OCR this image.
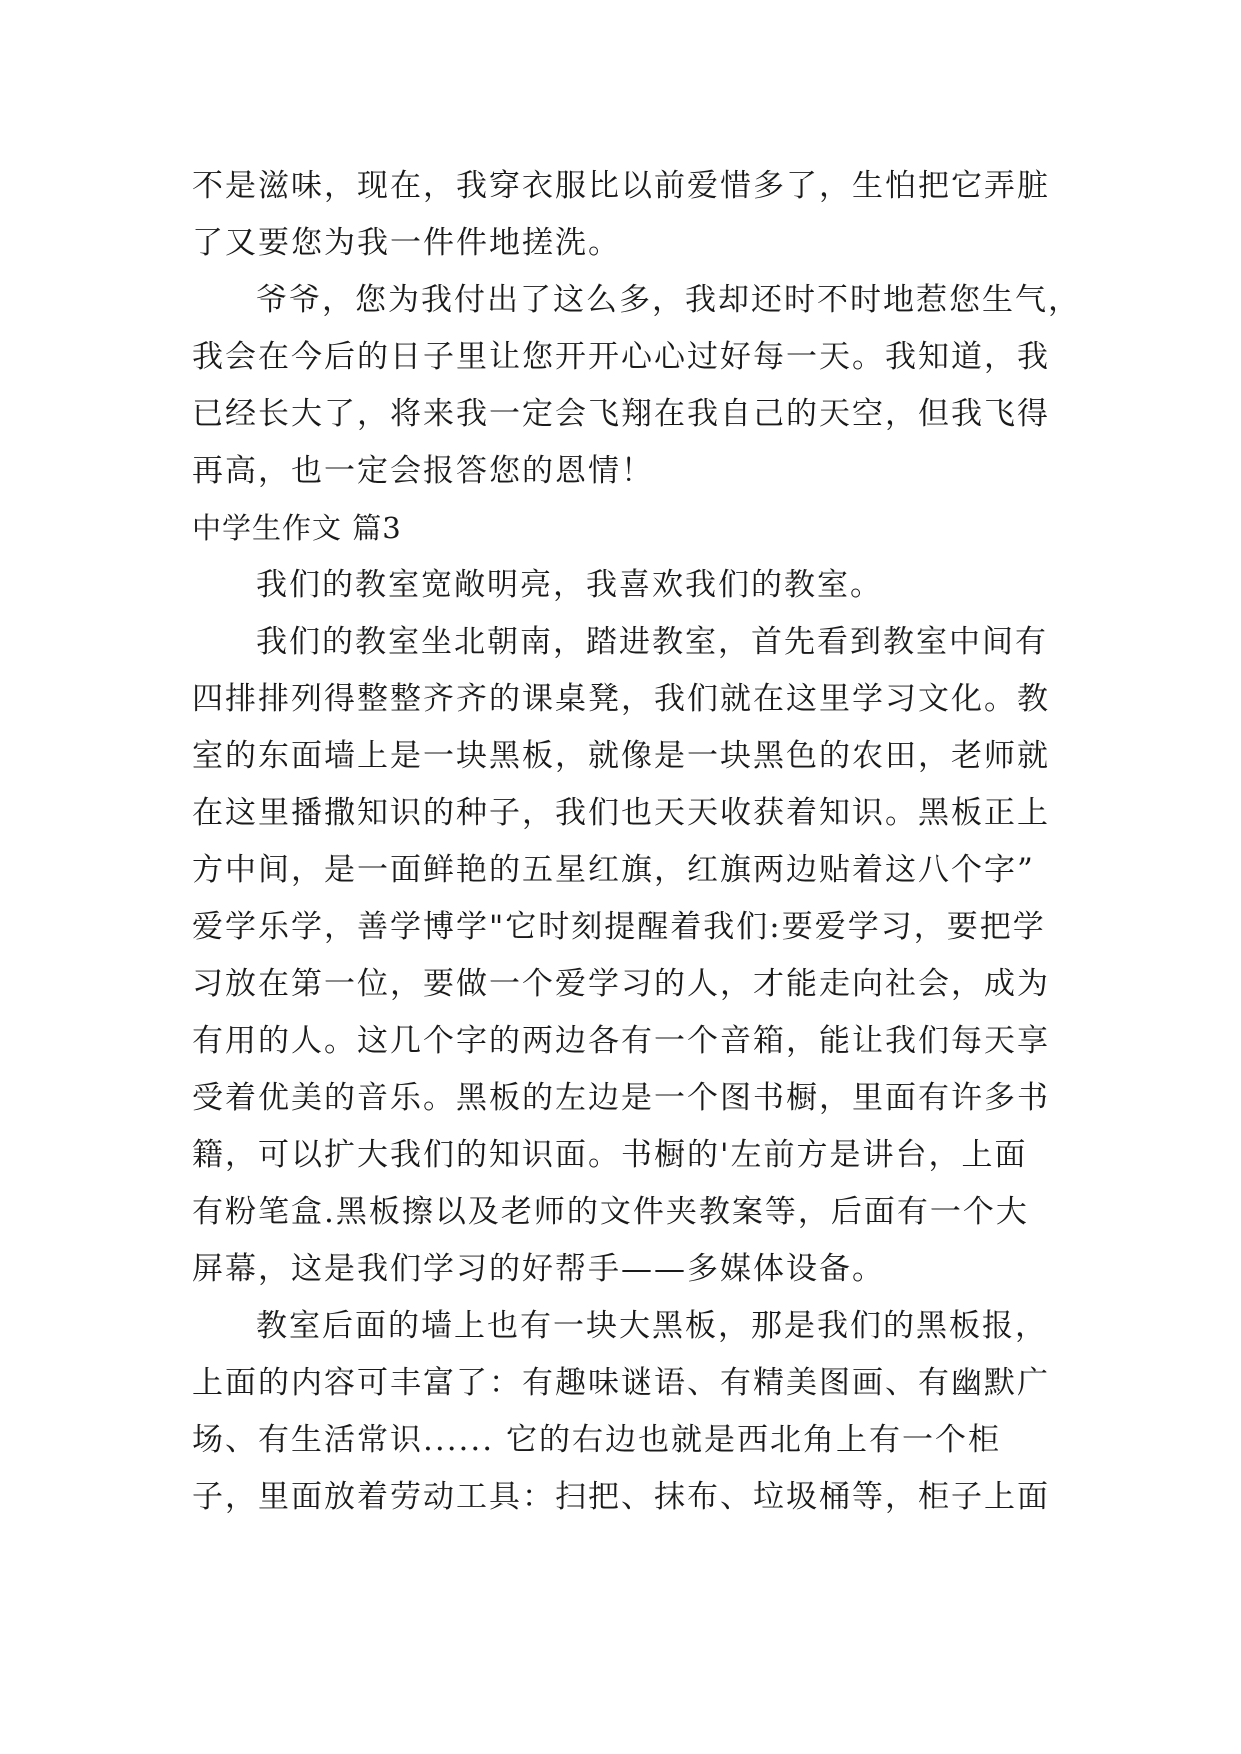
不是滋味，现在，我穿衣服比以前爱惜多了，生怕把它弄脏
了又要您为我一件件地搓洗。
爷爷，您为我付出了这么多，我却还时不时地惹您生气，
我会在今后的日子里让您开开心心过好每一天。我知道，我
已经长大了，将来我一定会飞翔在我自己的天空，但我飞得
再高，也一定会报答您的恩情！
中学生作文 篇3
我们的教室宽敞明亮，我喜欢我们的教室。
我们的教室坐北朝南，踏进教室，首先看到教室中间有
四排排列得整整齐齐的课桌凳，我们就在这里学习文化。教
室的东面墙上是一块黑板，就像是一块黑色的农田，老师就
在这里播撒知识的种子，我们也天天收获着知识。黑板正上
方中间，是一面鲜艳的五星红旗，红旗两边贴着这八个字”
爱学乐学，善学博学"它时刻提醒着我们:要爱学习，要把学
习放在第一位，要做一个爱学习的人，才能走向社会，成为
有用的人。这几个字的两边各有一个音箱，能让我们每天享
受着优美的音乐。黑板的左边是一个图书橱，里面有许多书
籍，可以扩大我们的知识面。书橱的'左前方是讲台，上面
有粉笔盒.黑板擦以及老师的文件夹教案等，后面有一个大
屏幕，这是我们学习的好帮手——多媒体设备。
教室后面的墙上也有一块大黑板，那是我们的黑板报，
上面的内容可丰富了：有趣味谜语、有精美图画、有幽默广
场、有生活常识...... 它的右边也就是西北角上有一个柜
子，里面放着劳动工具：扫把、抹布、垃圾桶等，柜子上面
